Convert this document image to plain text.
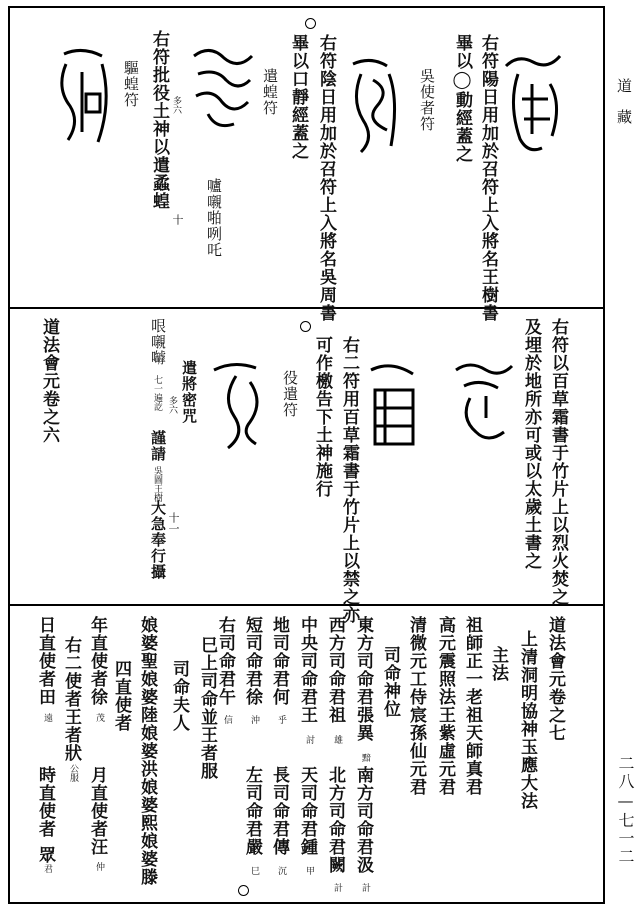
道藏
二八—七一二
右符陽日用加於召符上入將名王樹書
畢以◯動經蓋之
吳使者符
右符陰日用加於召符上入將名吳周書
畢以口靜經蓋之
遣蝗符
右符批役土神以遣蟊蝗
驅蝗符	多六
嚧嚫啪咧吒
十
右符以百草霜書于竹片上以烈火焚之
及埋於地所亦可或以太歲土書之
右二符用百草霜書于竹片上以禁之亦
可作檄告下土神施行
役遣符
遣將密咒
多六
哏嚫嚹
七一遍訖
謹請
吳圖王樹
大急奉行攝 十一
道法會元卷之六
道法會元卷之七
上清洞明協神玉應大法
主法
祖師正一老祖天師真君
高元震照法王紫虛元君
清微元工侍宸孫仙元君
司命神位
東方司命君張異
黯
南方司命君汲
計
西方司命君祖
雄
北方司命君闕
計
中央司命君王
討
天司命君鍾
甲
地司命君何
乎
長司命君傳
沉
短司命君徐
沖
左司命君嚴
巳
右司命君午
信
巳上司命並王者服
司命夫人
娘婆聖娘婆陸娘婆洪娘婆熙娘婆滕
四直使者
年直使者徐
茂
月直使者汪
仲
右二使者王者狀
公服
日直使者田
遠
時直使者
眾
君
